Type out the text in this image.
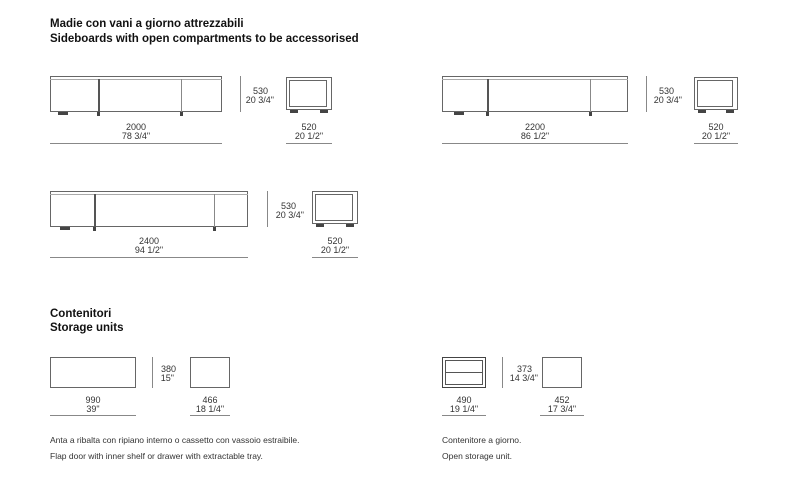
Madie con vani a giorno attrezzabili
Sideboards with open compartments to be accessorised
530
20 3/4"
2000
78 3/4"
520
20 1/2"
530
20 3/4"
2200
86 1/2"
520
20 1/2"
530
20 3/4"
2400
94 1/2"
520
20 1/2"
Contenitori
Storage units
380
15"
990
39"
466
18 1/4"
Anta a ribalta con ripiano interno o cassetto con vassoio estraibile.
Flap door with inner shelf or drawer with extractable tray.
373
14 3/4"
490
19 1/4"
452
17 3/4"
Contenitore a giorno.
Open storage unit.
